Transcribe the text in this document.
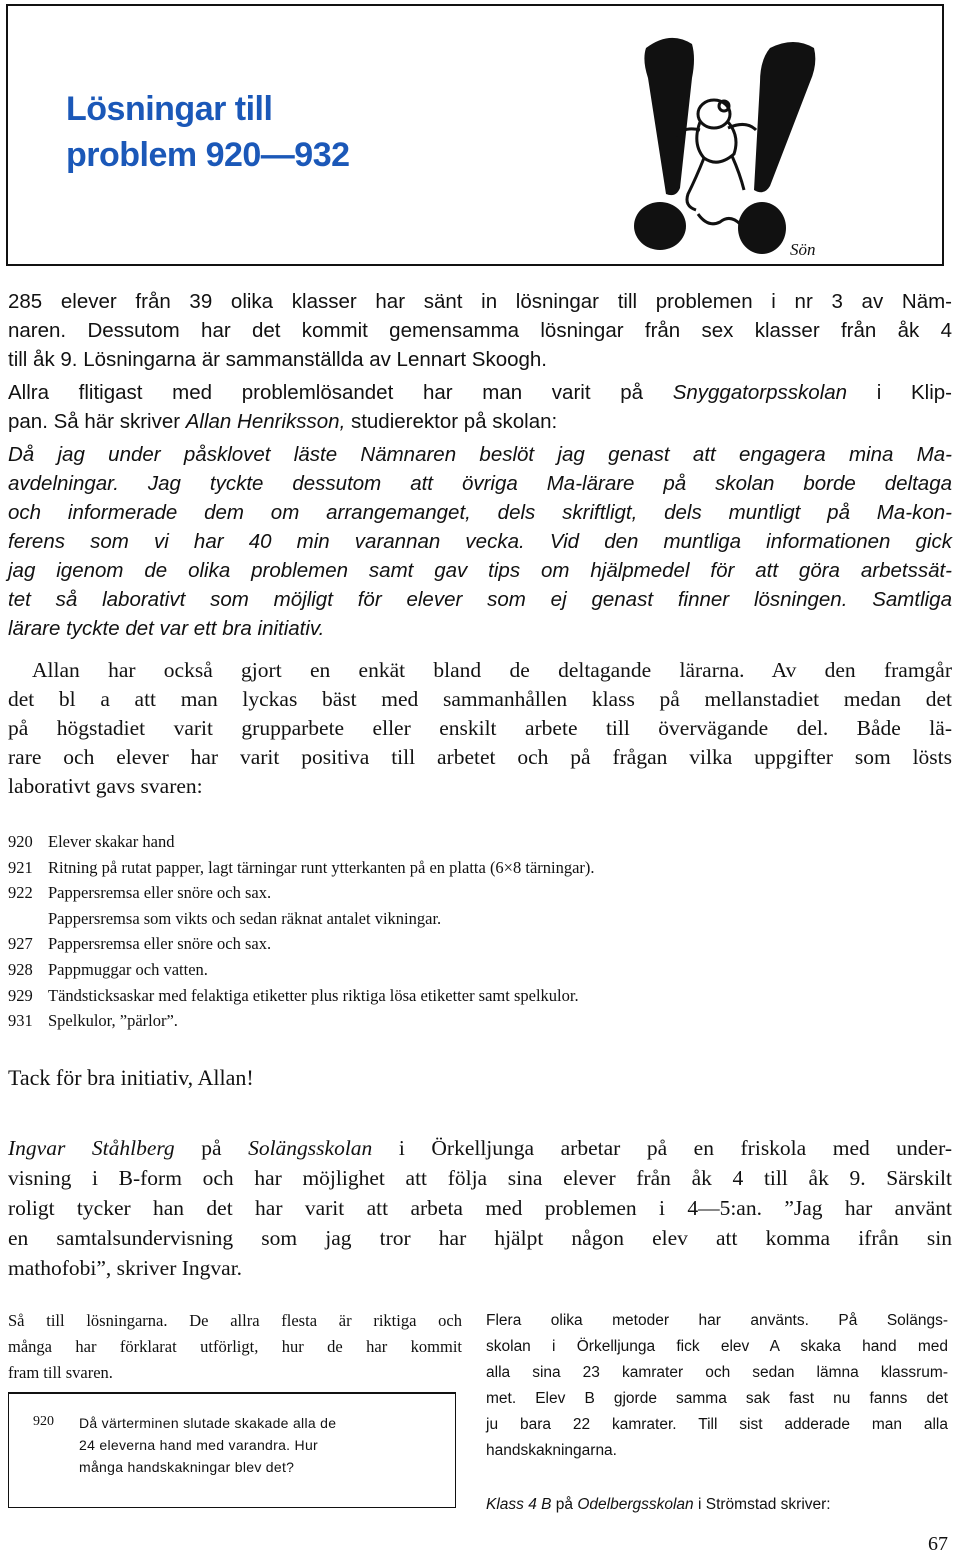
Lösningar till
problem 920—932
Sön
285 elever från 39 olika klasser har sänt in lösningar till problemen i nr 3 av Näm-
naren. Dessutom har det kommit gemensamma lösningar från sex klasser från åk 4
till åk 9. Lösningarna är sammanställda av Lennart Skoogh.
Allra flitigast med problemlösandet har man varit på Snyggatorpsskolan i Klip-
pan. Så här skriver Allan Henriksson, studierektor på skolan:
Då jag under påsklovet läste Nämnaren beslöt jag genast att engagera mina Ma-
avdelningar. Jag tyckte dessutom att övriga Ma-lärare på skolan borde deltaga
och informerade dem om arrangemanget, dels skriftligt, dels muntligt på Ma-kon-
ferens som vi har 40 min varannan vecka. Vid den muntliga informationen gick
jag igenom de olika problemen samt gav tips om hjälpmedel för att göra arbetssät-
tet så laborativt som möjligt för elever som ej genast finner lösningen. Samtliga
lärare tyckte det var ett bra initiativ.
Allan har också gjort en enkät bland de deltagande lärarna. Av den framgår
det bl a att man lyckas bäst med sammanhållen klass på mellanstadiet medan det
på högstadiet varit grupparbete eller enskilt arbete till övervägande del. Både lä-
rare och elever har varit positiva till arbetet och på frågan vilka uppgifter som lösts
laborativt gavs svaren:
920 Elever skakar hand
921 Ritning på rutat papper, lagt tärningar runt ytterkanten på en platta (6×8 tärningar).
922 Pappersremsa eller snöre och sax.
Pappersremsa som vikts och sedan räknat antalet vikningar.
927 Pappersremsa eller snöre och sax.
928 Pappmuggar och vatten.
929 Tändsticksaskar med felaktiga etiketter plus riktiga lösa etiketter samt spelkulor.
931 Spelkulor, ”pärlor”.

Tack för bra initiativ, Allan!

Ingvar Ståhlberg på Solängsskolan i Örkelljunga arbetar på en friskola med under-
visning i B-form och har möjlighet att följa sina elever från åk 4 till åk 9. Särskilt
roligt tycker han det har varit att arbeta med problemen i 4—5:an. ”Jag har använt
en samtalsundervisning som jag tror har hjälpt någon elev att komma ifrån sin
mathofobi”, skriver Ingvar.
Så till lösningarna. De allra flesta är riktiga och
många har förklarat utförligt, hur de har kommit
fram till svaren.
920 Då värterminen slutade skakade alla de
24 eleverna hand med varandra. Hur
många handskakningar blev det?
Flera olika metoder har använts. På Solängs-
skolan i Örkelljunga fick elev A skaka hand med
alla sina 23 kamrater och sedan lämna klassrum-
met. Elev B gjorde samma sak fast nu fanns det
ju bara 22 kamrater. Till sist adderade man alla
handskakningarna.
Klass 4 B på Odelbergsskolan i Strömstad skriver:
67
